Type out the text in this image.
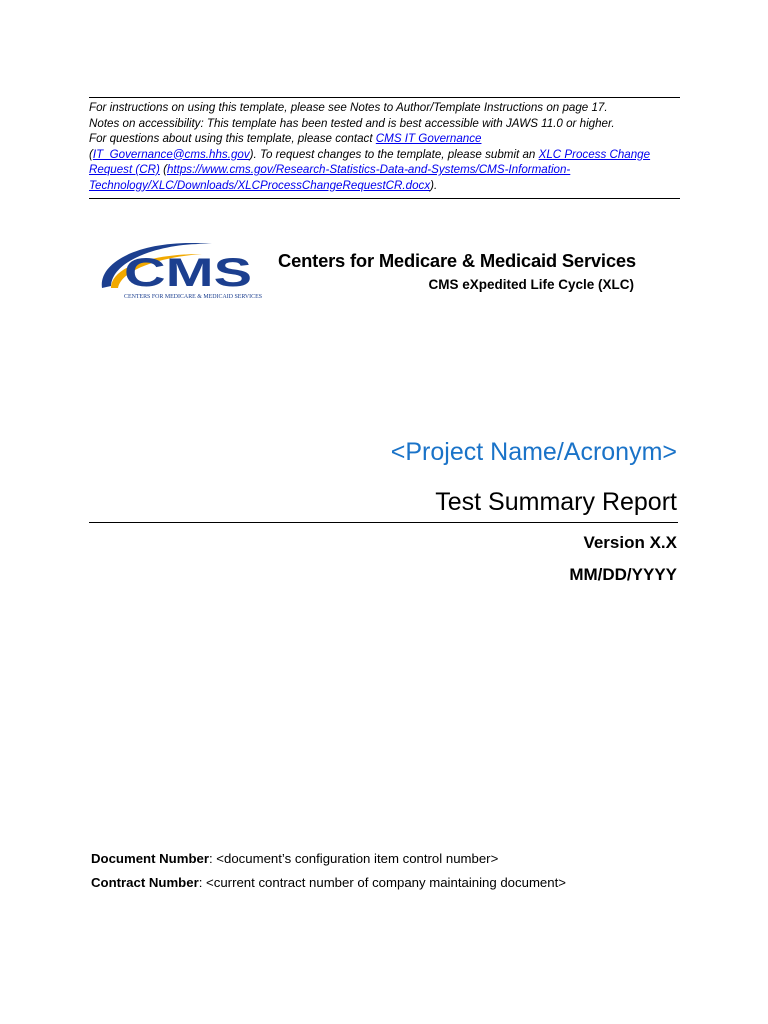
For instructions on using this template, please see Notes to Author/Template Instructions on page 17.
Notes on accessibility: This template has been tested and is best accessible with JAWS 11.0 or higher.
For questions about using this template, please contact CMS IT Governance
(IT_Governance@cms.hhs.gov). To request changes to the template, please submit an XLC Process Change Request (CR) (https://www.cms.gov/Research-Statistics-Data-and-Systems/CMS-Information-Technology/XLC/Downloads/XLCProcessChangeRequestCR.docx).
CMS
CENTERS FOR MEDICARE & MEDICAID SERVICES
Centers for Medicare & Medicaid Services
CMS eXpedited Life Cycle (XLC)
<Project Name/Acronym>
Test Summary Report
Version X.X
MM/DD/YYYY
Document Number: <document’s configuration item control number>
Contract Number: <current contract number of company maintaining document>
